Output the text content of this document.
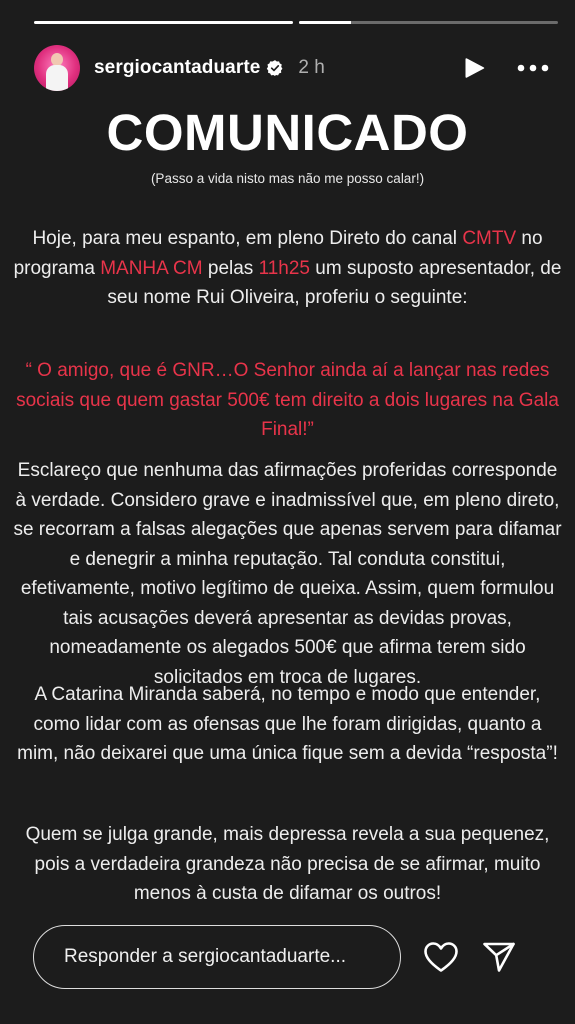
sergiocantaduarte 2 h
COMUNICADO
(Passo a vida nisto mas não me posso calar!)
Hoje, para meu espanto, em pleno Direto do canal CMTV no programa MANHA CM pelas 11h25 um suposto apresentador, de seu nome Rui Oliveira, proferiu o seguinte:
“ O amigo, que é GNR…O Senhor ainda aí a lançar nas redes sociais que quem gastar 500€ tem direito a dois lugares na Gala Final!”
Esclareço que nenhuma das afirmações proferidas corresponde à verdade. Considero grave e inadmissível que, em pleno direto, se recorram a falsas alegações que apenas servem para difamar e denegrir a minha reputação. Tal conduta constitui, efetivamente, motivo legítimo de queixa. Assim, quem formulou tais acusações deverá apresentar as devidas provas, nomeadamente os alegados 500€ que afirma terem sido solicitados em troca de lugares.
A Catarina Miranda saberá, no tempo e modo que entender, como lidar com as ofensas que lhe foram dirigidas, quanto a mim, não deixarei que uma única fique sem a devida “resposta”!
Quem se julga grande, mais depressa revela a sua pequenez, pois a verdadeira grandeza não precisa de se afirmar, muito menos à custa de difamar os outros!
Responder a sergiocantaduarte...
